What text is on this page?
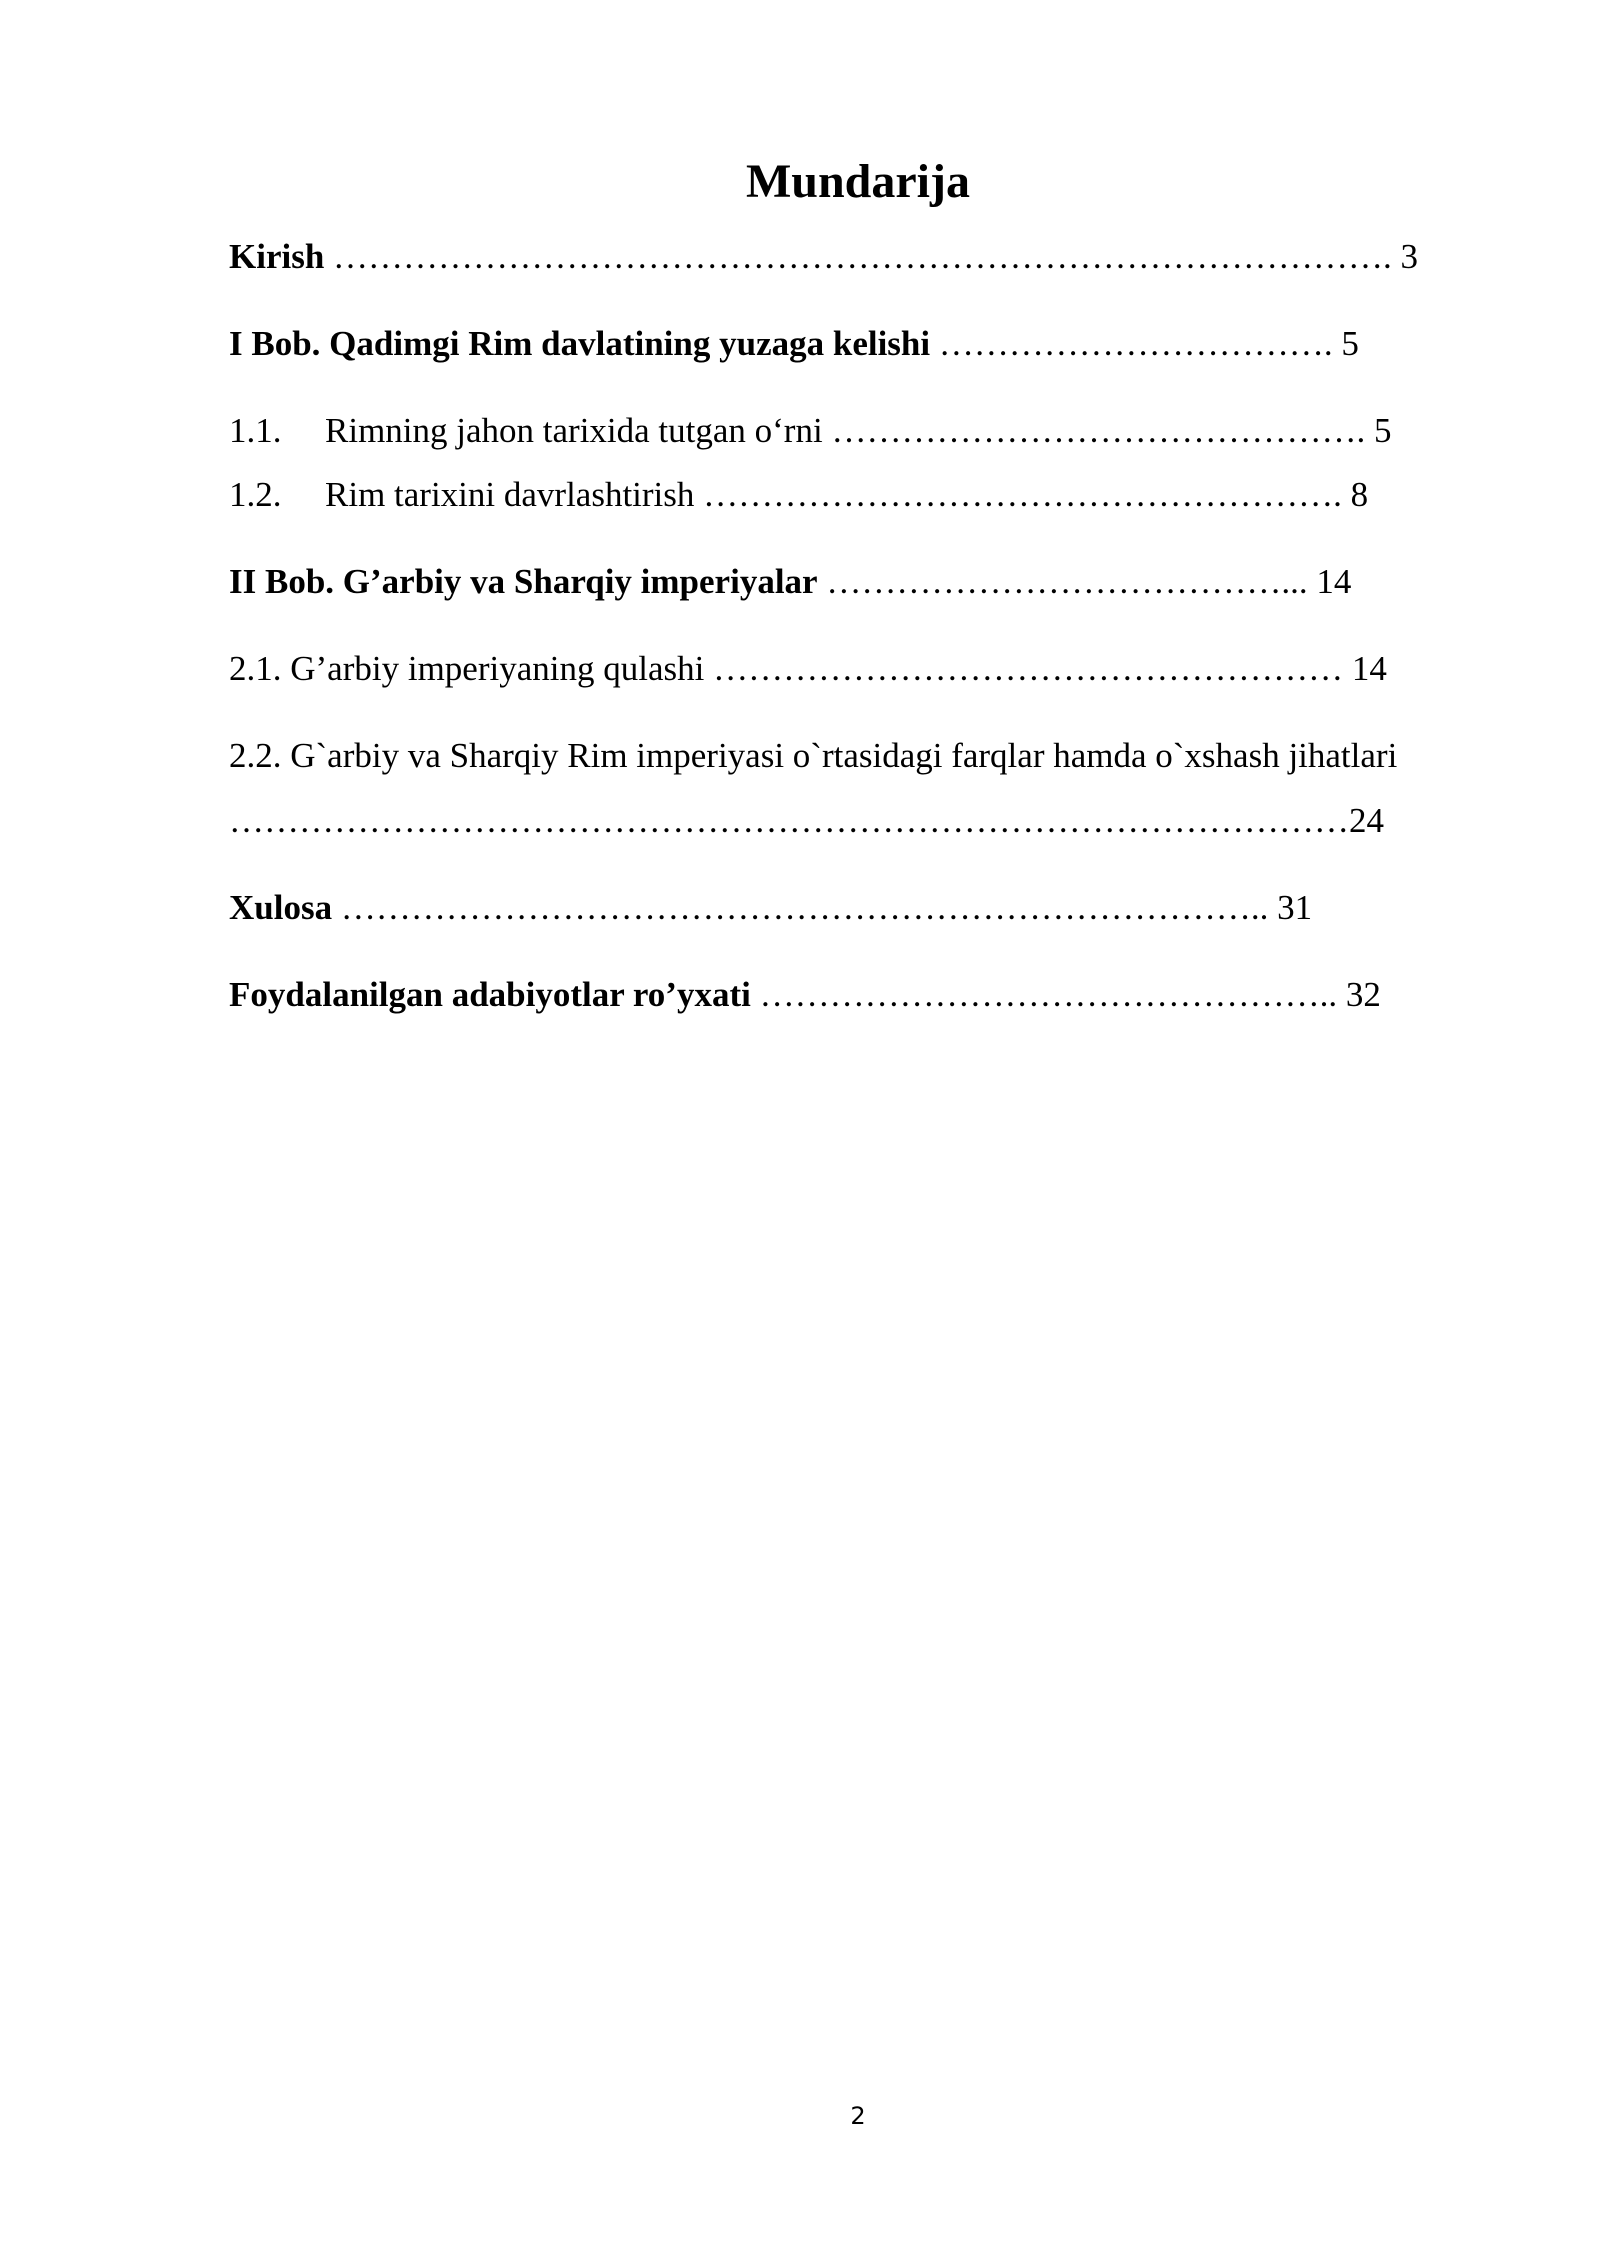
Mundarija
Kirish ………………………………………………………………………………. 3
I Bob. Qadimgi Rim davlatining yuzaga kelishi ……………………………. 5
1.1. Rimning jahon tarixida tutgan o‘rni ………………………………………. 5
1.2. Rim tarixini davrlashtirish ………………………………………………. 8
II Bob. G’arbiy va Sharqiy imperiyalar …………………………………... 14
2.1. G’arbiy imperiyaning qulashi ……………………………………………… 14
2.2. G`arbiy va Sharqiy Rim imperiyasi o`rtasidagi farqlar hamda o`xshash jihatlari
……………………………………………………………………………………24
Xulosa …………………………………………………………………….. 31
Foydalanilgan adabiyotlar ro’yxati ………………………………………….. 32
2
